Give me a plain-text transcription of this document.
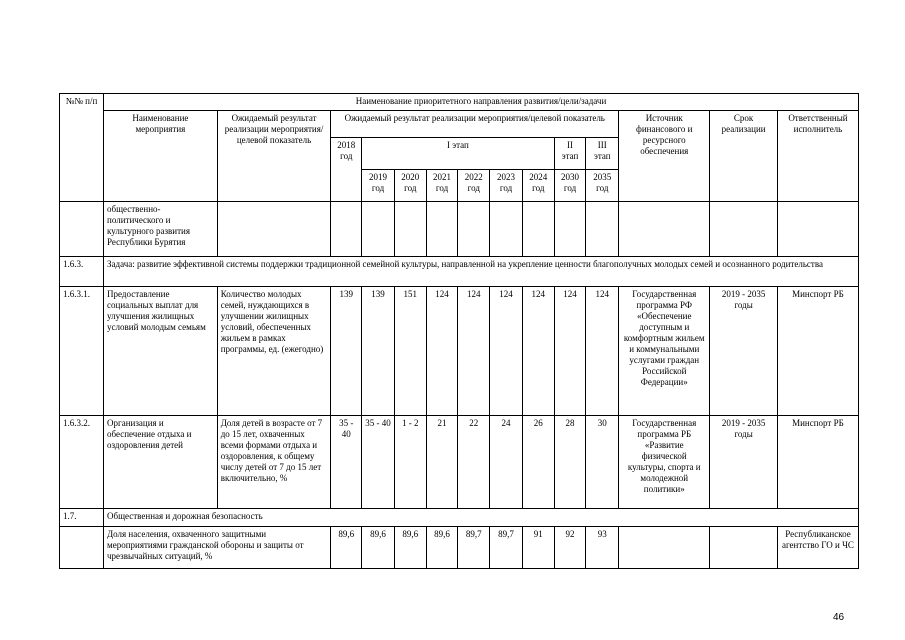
№№ п/п	Наименование приоритетного направления развития/цели/задачи													
	Наименование мероприятия	Ожидаемый результат реализации мероприятия/целевой показатель	Ожидаемый результат реализации мероприятия/целевой показатель									Источник финансового и ресурсного обеспечения	Срок реализации	Ответственный исполнитель
			2018 год	I этап						II этап	III этап			
				2019 год	2020 год	2021 год	2022 год	2023 год	2024 год	2030 год	2035 год			
	общественно-политического и культурного развития Республики Бурятия													
1.6.3.	Задача: развитие эффективной системы поддержки традиционной семейной культуры, направленной на укрепление ценности благополучных молодых семей и осознанного родительства													
1.6.3.1.	Предоставление социальных выплат для улучшения жилищных условий молодым семьям	Количество молодых семей, нуждающихся в улучшении жилищных условий, обеспеченных жильем в рамках программы, ед. (ежегодно)	139	139	151	124	124	124	124	124	124	Государственная программа РФ «Обеспечение доступным и комфортным жильем и коммунальными услугами граждан Российской Федерации»	2019 - 2035 годы	Минспорт РБ
1.6.3.2.	Организация и обеспечение отдыха и оздоровления детей	Доля детей в возрасте от 7 до 15 лет, охваченных всеми формами отдыха и оздоровления, к общему числу детей от 7 до 15 лет включительно, %	35 - 40	35 - 40	1 - 2	21	22	24	26	28	30	Государственная программа РБ «Развитие физической культуры, спорта и молодежной политики»	2019 - 2035 годы	Минспорт РБ
1.7.	Общественная и дорожная безопасность													
	Доля населения, охваченного защитными мероприятиями гражданской обороны и защиты от чрезвычайных ситуаций, %		89,6	89,6	89,6	89,6	89,7	89,7	91	92	93			Республиканское агентство ГО и ЧС
46
